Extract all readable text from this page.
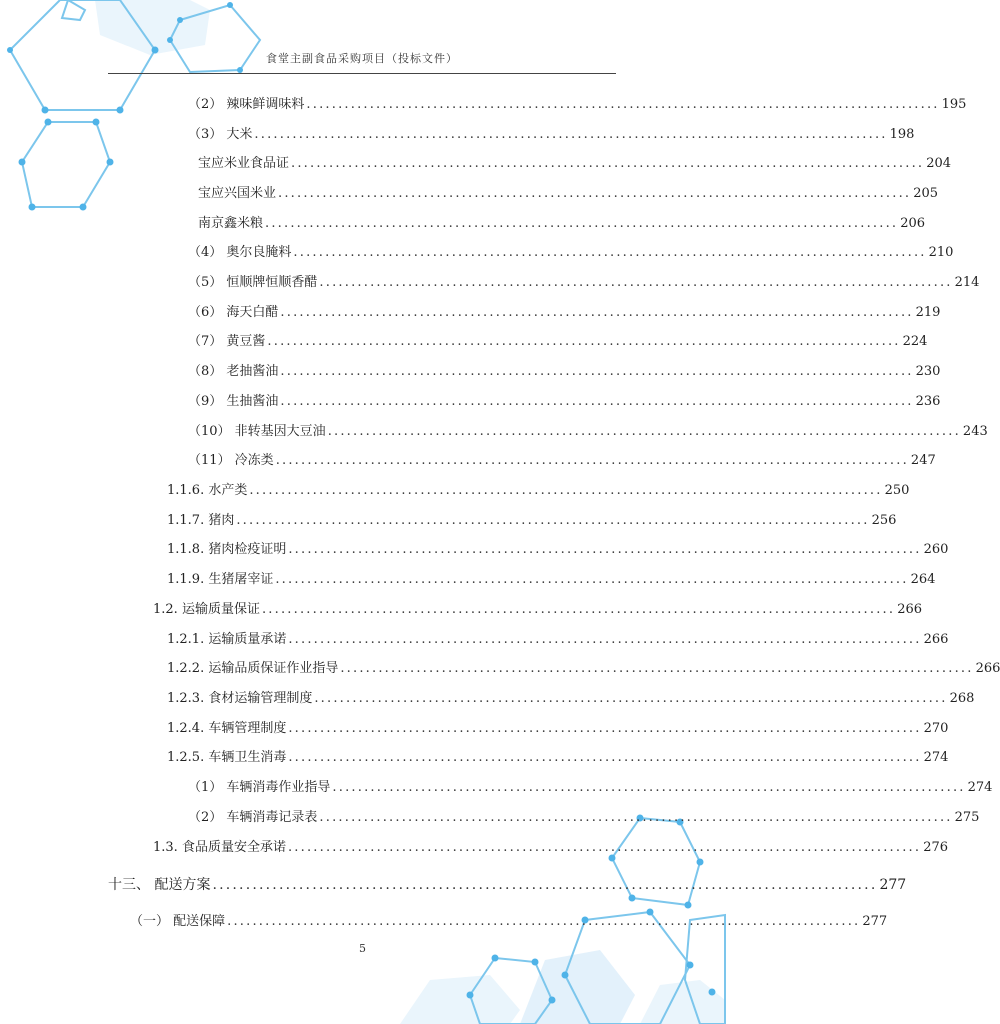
食堂主副食品采购项目（投标文件）
（2） 辣味鲜调味料 .................................................................................................... 195
（3） 大米 .................................................................................................... 198
宝应米业食品证 .................................................................................................... 204
宝应兴国米业 .................................................................................................... 205
南京鑫米粮 .................................................................................................... 206
（4） 奥尔良腌料 .................................................................................................... 210
（5） 恒顺牌恒顺香醋 .................................................................................................... 214
（6） 海天白醋 .................................................................................................... 219
（7） 黄豆酱 .................................................................................................... 224
（8） 老抽酱油 .................................................................................................... 230
（9） 生抽酱油 .................................................................................................... 236
（10） 非转基因大豆油 .................................................................................................... 243
（11） 冷冻类 .................................................................................................... 247
1.1.6. 水产类 .................................................................................................... 250
1.1.7. 猪肉 .................................................................................................... 256
1.1.8. 猪肉检疫证明 .................................................................................................... 260
1.1.9. 生猪屠宰证 .................................................................................................... 264
1.2. 运输质量保证 .................................................................................................... 266
1.2.1. 运输质量承诺 .................................................................................................... 266
1.2.2. 运输品质保证作业指导 .................................................................................................... 266
1.2.3. 食材运输管理制度 .................................................................................................... 268
1.2.4. 车辆管理制度 .................................................................................................... 270
1.2.5. 车辆卫生消毒 .................................................................................................... 274
（1） 车辆消毒作业指导 .................................................................................................... 274
（2） 车辆消毒记录表 .................................................................................................... 275
1.3. 食品质量安全承诺 .................................................................................................... 276
十三、 配送方案 .................................................................................................... 277
（一） 配送保障 .................................................................................................... 277
5
